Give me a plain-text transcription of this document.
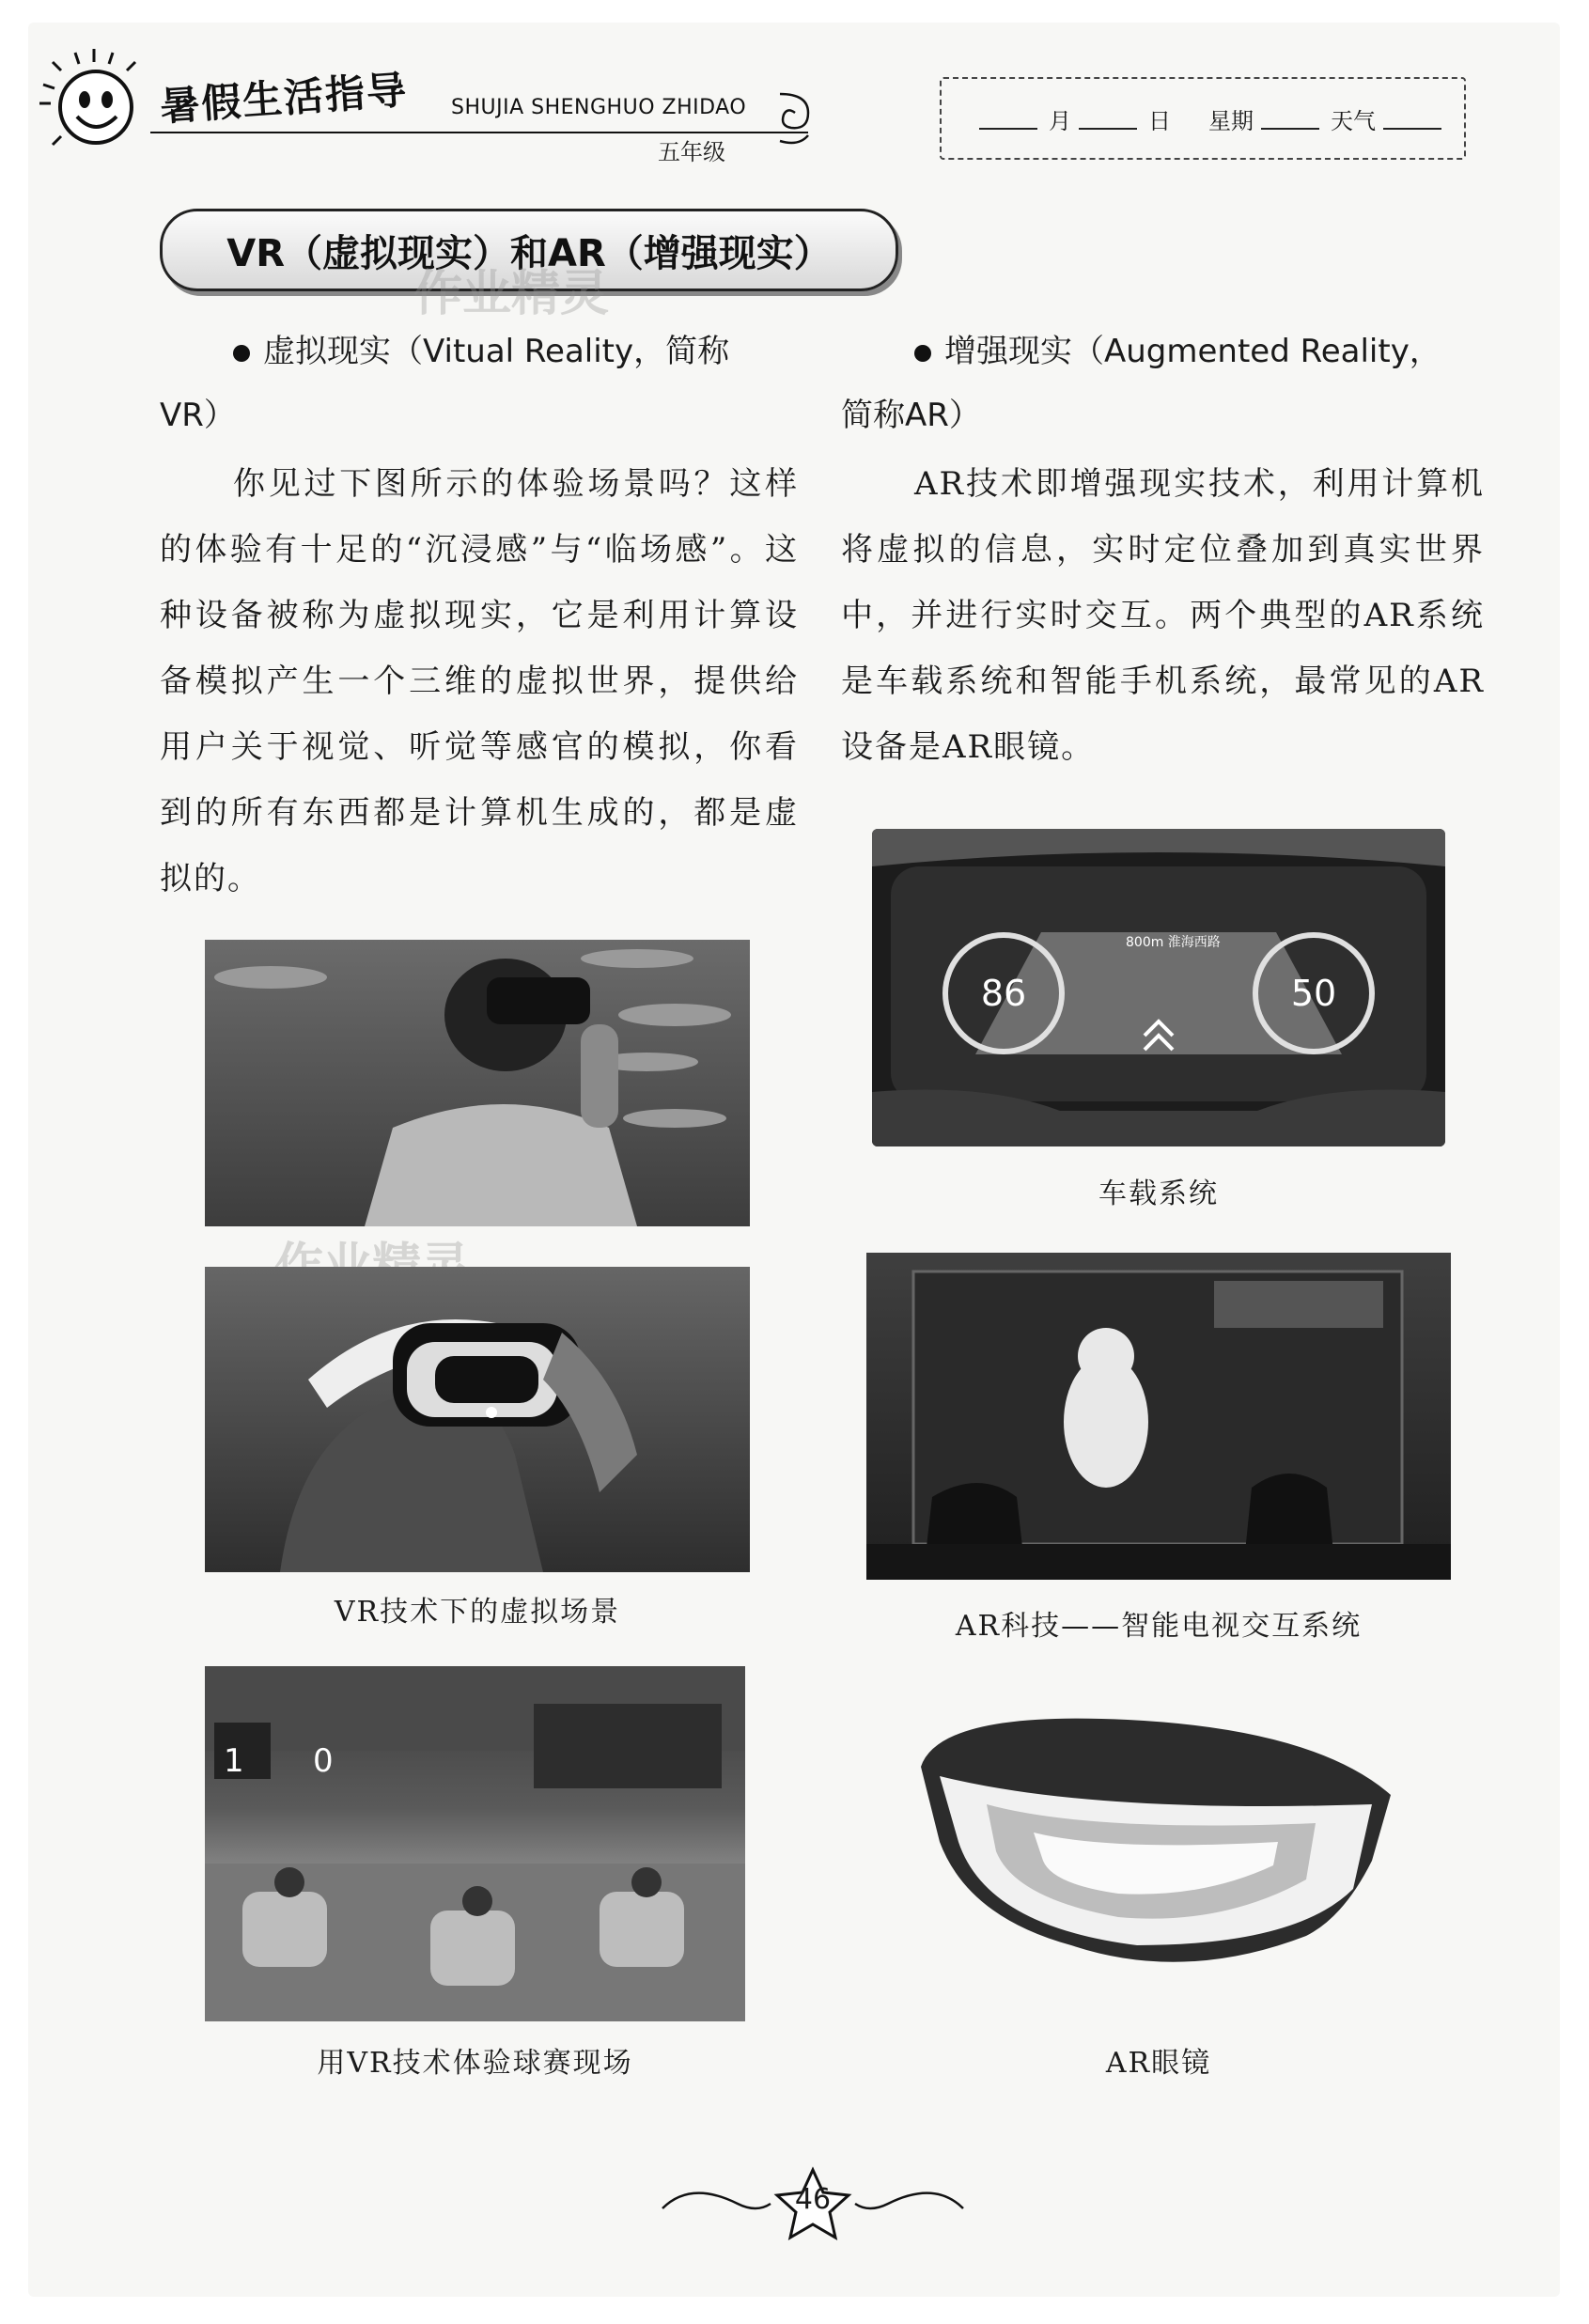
暑假生活指导 SHUJIA SHENGHUO ZHIDAO
五年级
月	日 星期	天气
VR（虚拟现实）和AR（增强现实）
作业精灵
虚拟现实（Vitual Reality，简称
VR）
你见过下图所示的体验场景吗？这样的体验有十足的“沉浸感”与“临场感”。这种设备被称为虚拟现实，它是利用计算设备模拟产生一个三维的虚拟世界，提供给用户关于视觉、听觉等感官的模拟，你看到的所有东西都是计算机生成的，都是虚拟的。
增强现实（Augmented Reality，
简称AR）
AR技术即增强现实技术，利用计算机将虚拟的信息，实时定位叠加到真实世界中，并进行实时交互。两个典型的AR系统是车载系统和智能手机系统，最常见的AR设备是AR眼镜。
VR技术下的虚拟场景
1 0
用VR技术体验球赛现场
86	50
800m 淮海西路
车载系统
AR科技——智能电视交互系统
AR眼镜
46
